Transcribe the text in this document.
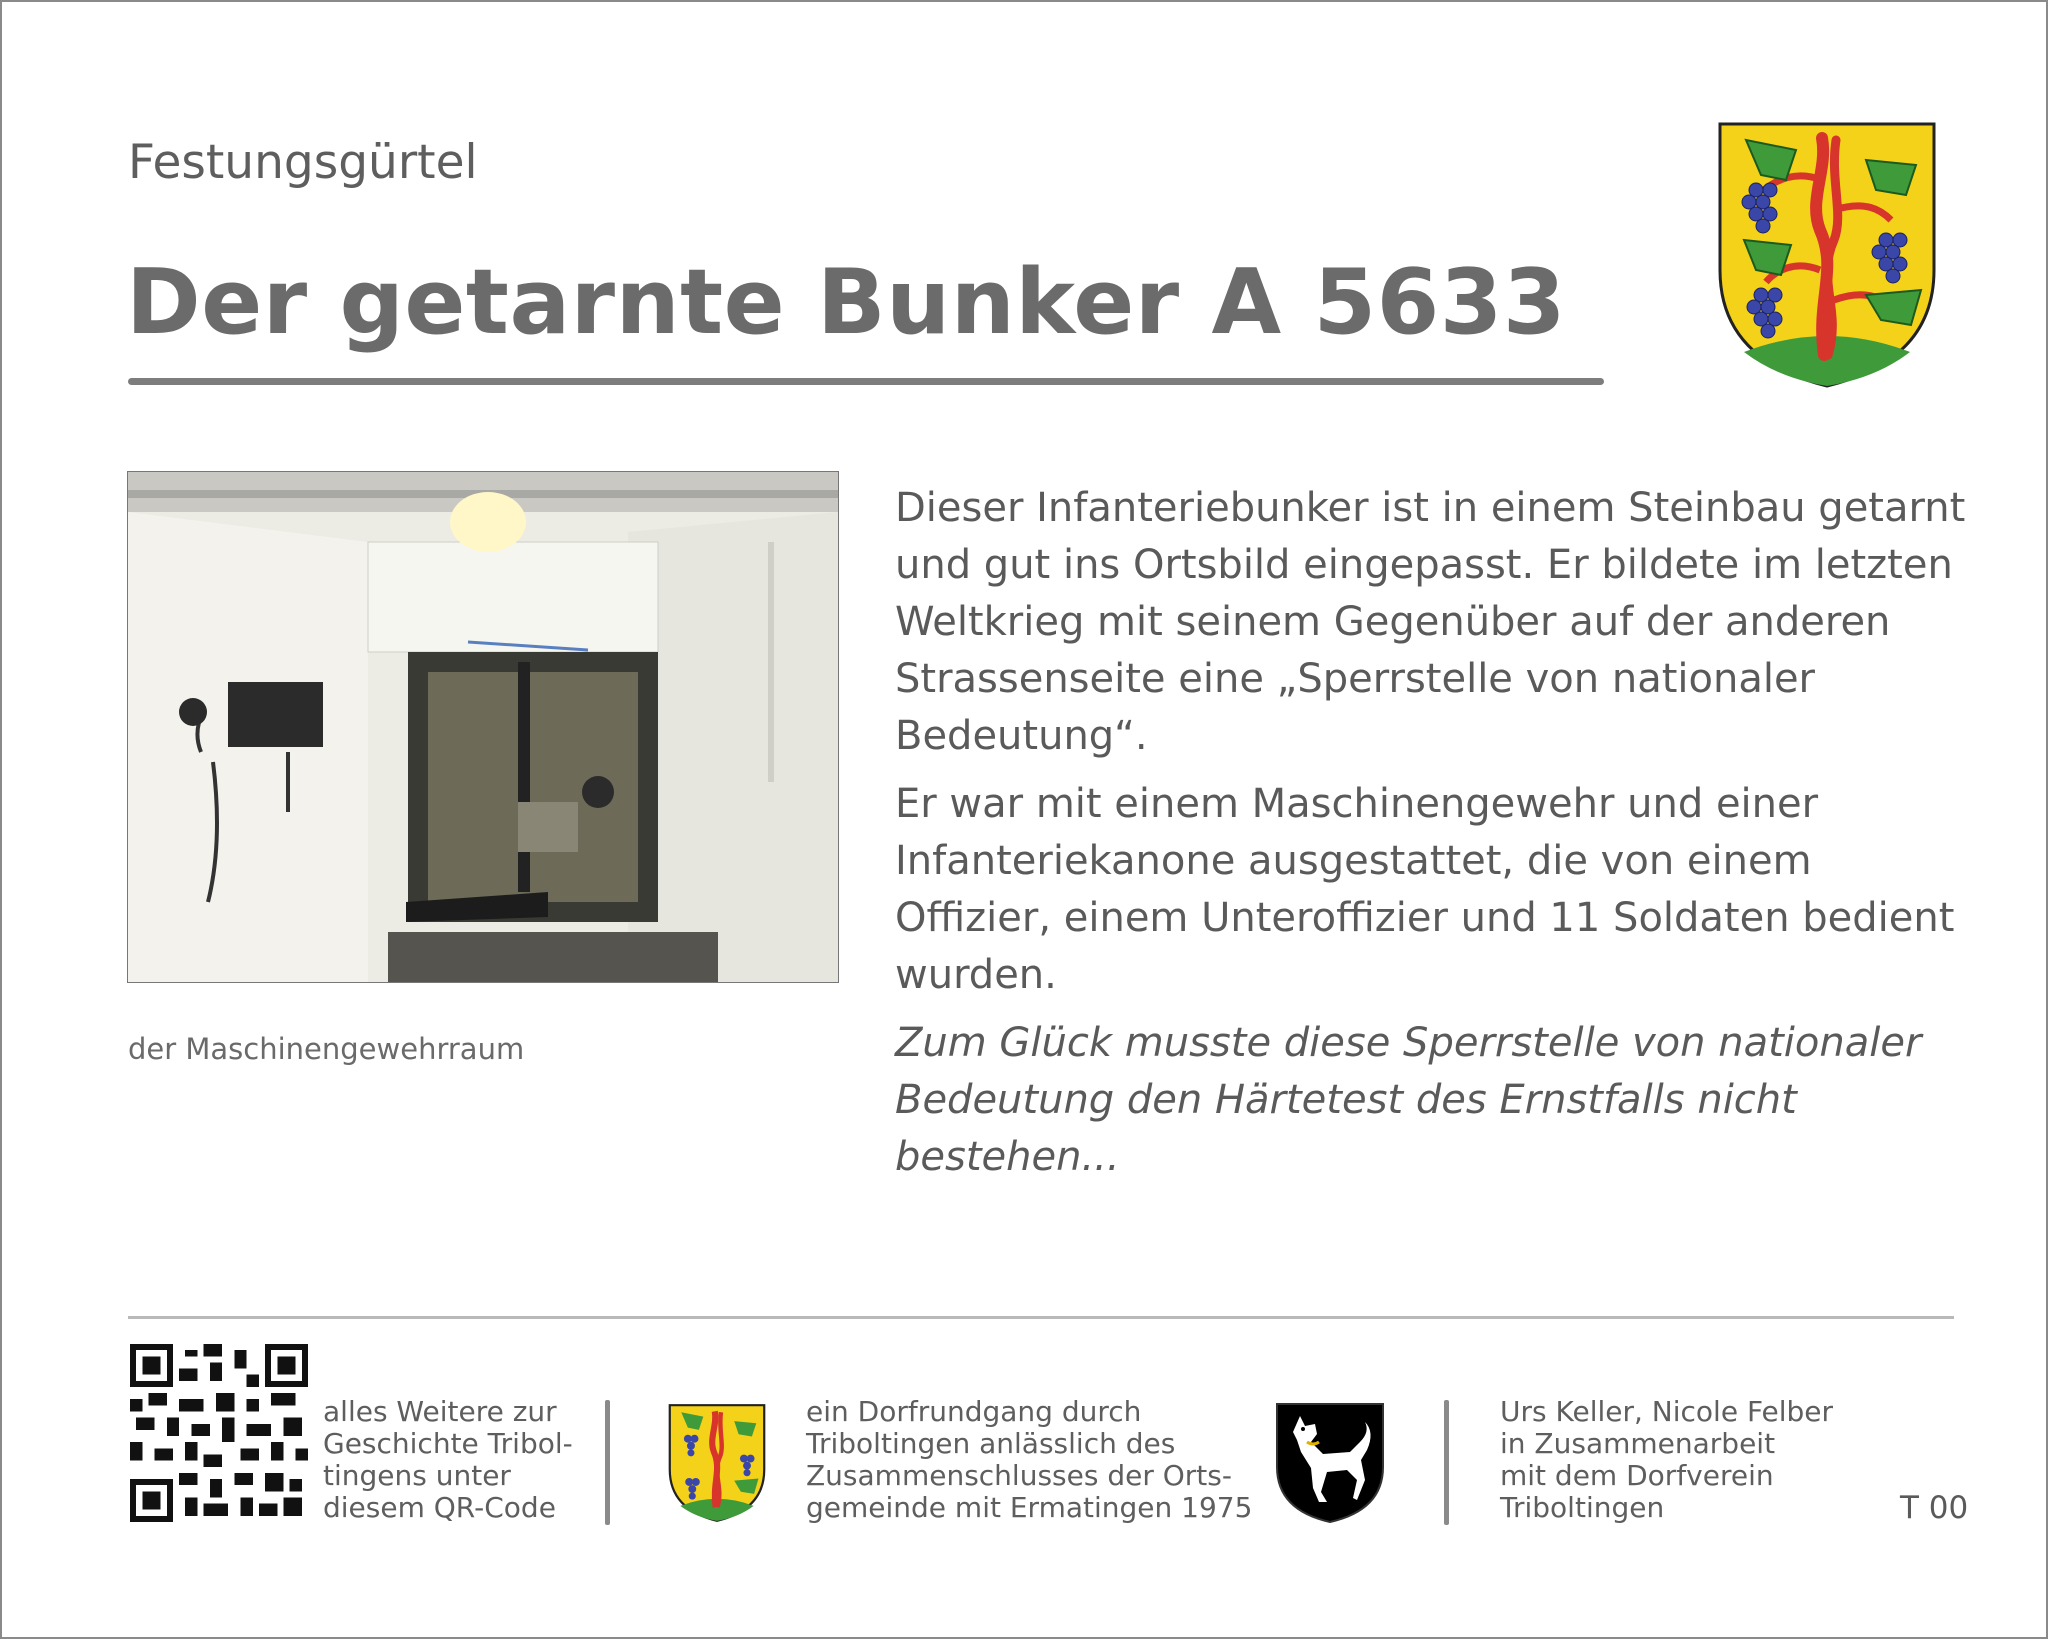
Festungsgürtel
Der getarnte Bunker A 5633
der Maschinengewehrraum

Dieser Infanteriebunker ist in einem Steinbau getarnt und gut ins Ortsbild eingepasst. Er bildete im letzten Weltkrieg mit seinem Gegenüber auf der anderen Strassenseite eine „Sperrstelle von nationaler Bedeutung“.

Er war mit einem Maschinengewehr und einer Infanteriekanone ausgestattet, die von einem Offizier, einem Unteroffizier und 11 Soldaten bedient wurden.

Zum Glück musste diese Sperrstelle von nationaler Bedeutung den Härtetest des Ernstfalls nicht bestehen...

alles Weitere zur
Geschichte Tribol-
tingens unter
diesem QR-Code
ein Dorfrundgang durch
Triboltingen anlässlich des
Zusammenschlusses der Orts-
gemeinde mit Ermatingen 1975
Urs Keller, Nicole Felber
in Zusammenarbeit
mit dem Dorfverein
Triboltingen	T 00
